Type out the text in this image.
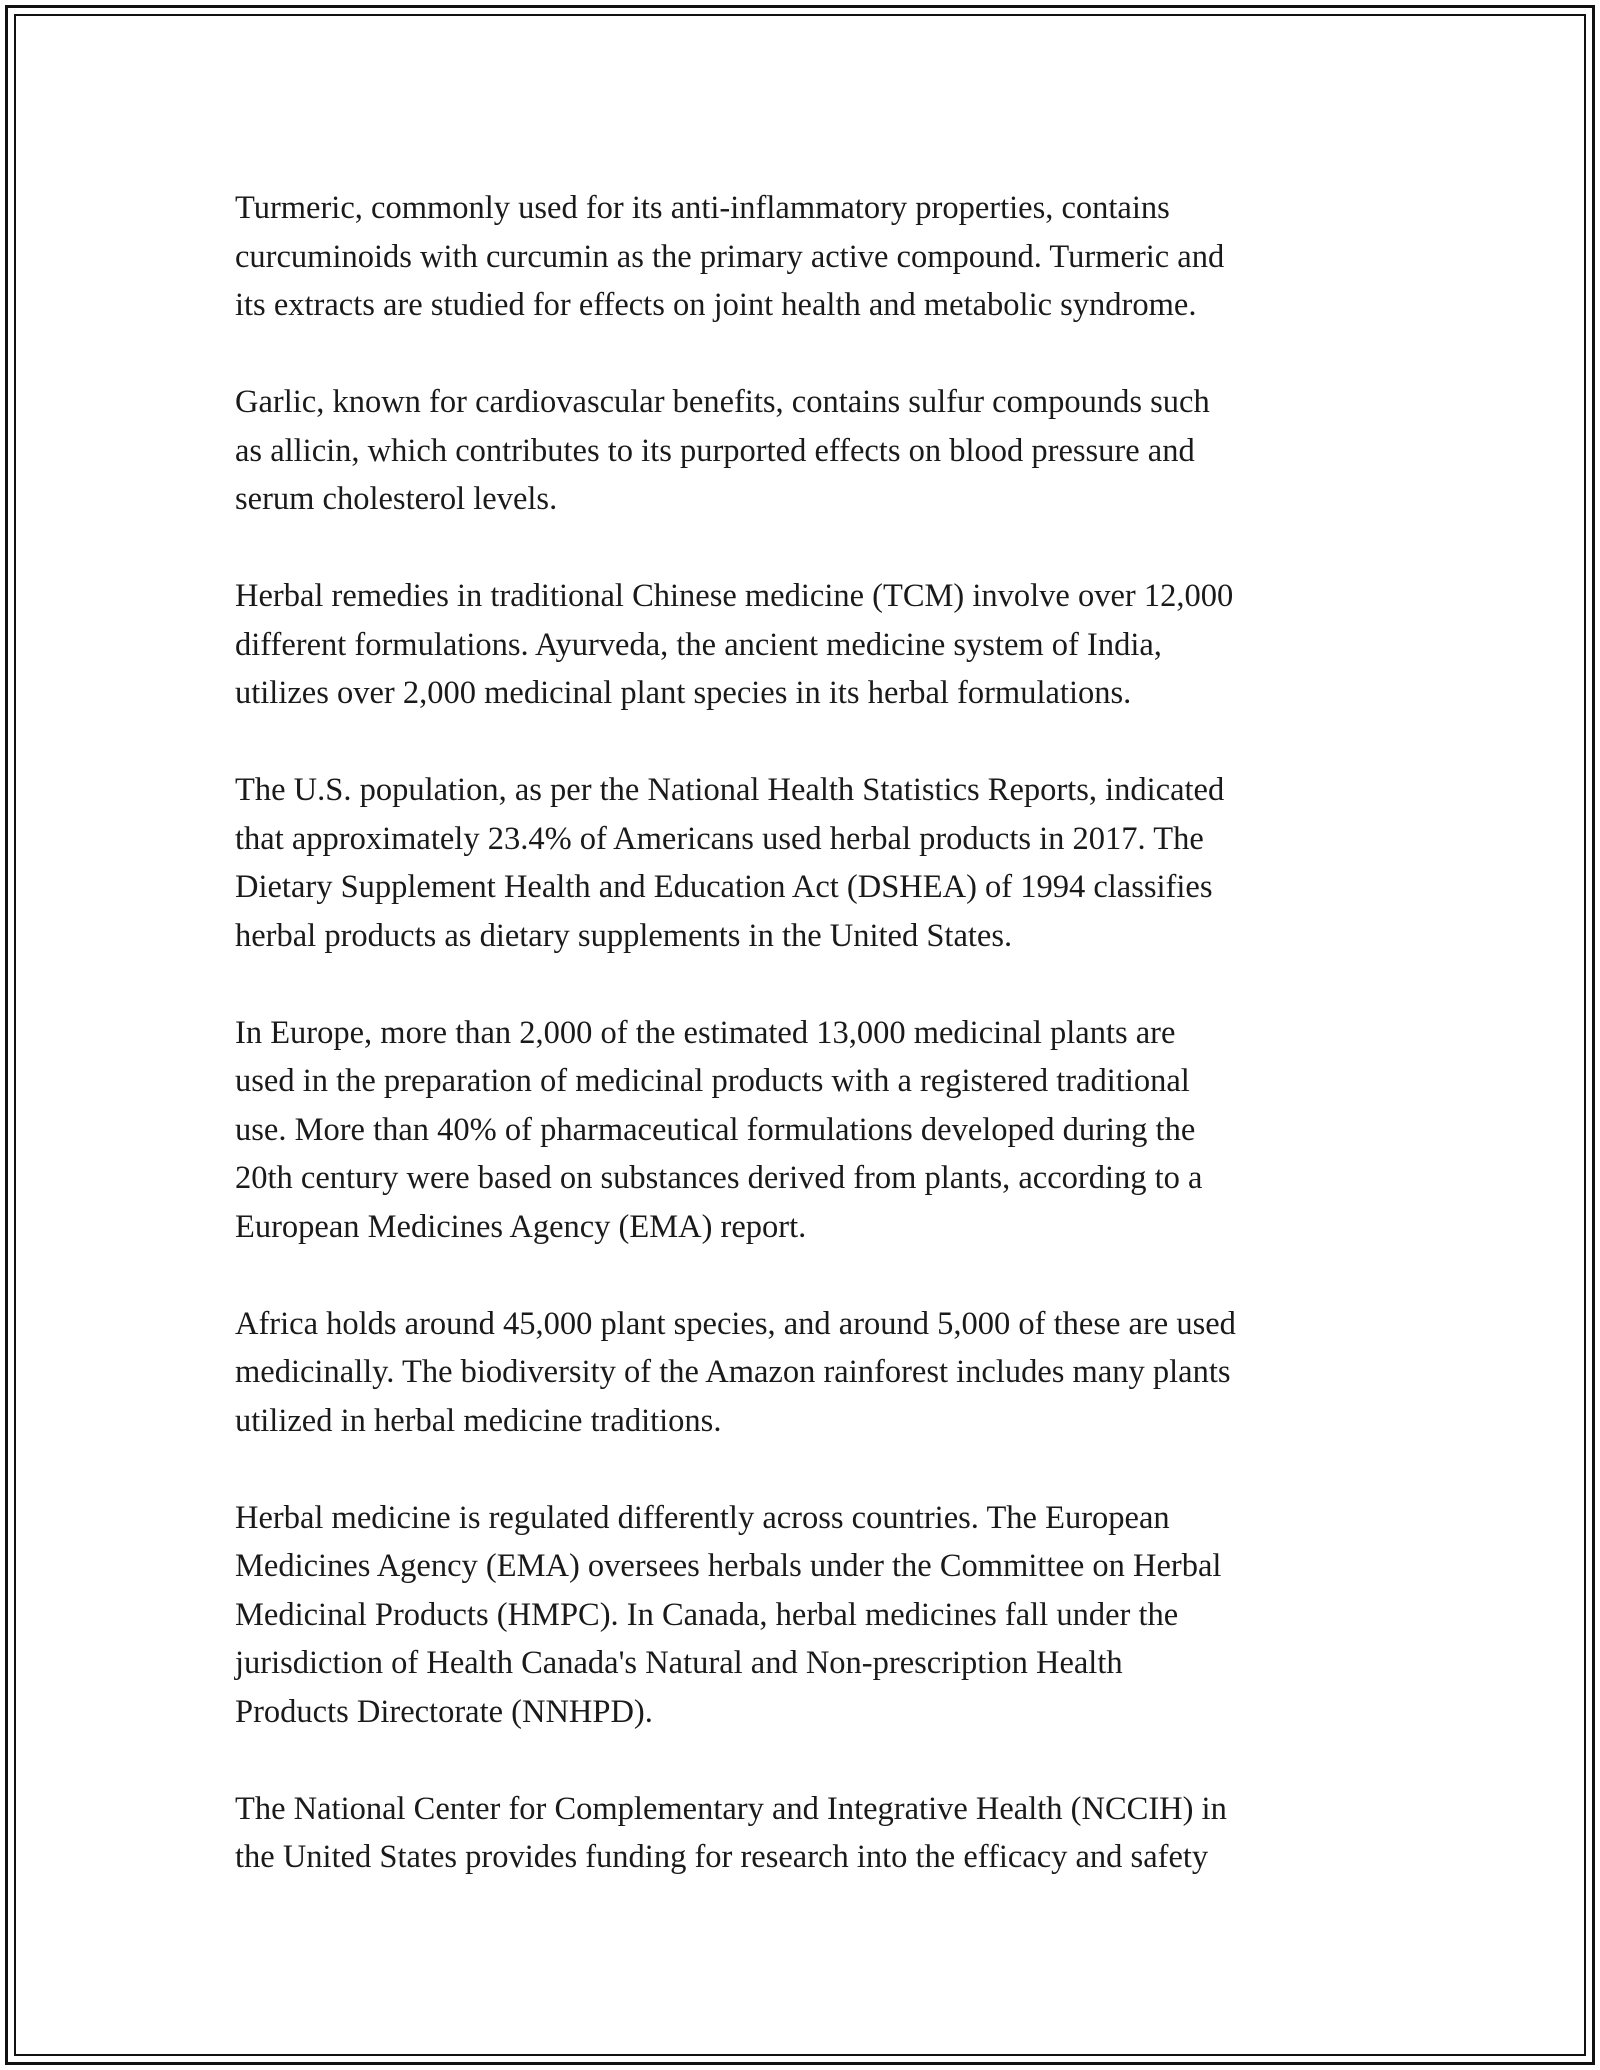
Turmeric, commonly used for its anti-inflammatory properties, contains
curcuminoids with curcumin as the primary active compound. Turmeric and
its extracts are studied for effects on joint health and metabolic syndrome.

Garlic, known for cardiovascular benefits, contains sulfur compounds such
as allicin, which contributes to its purported effects on blood pressure and
serum cholesterol levels.

Herbal remedies in traditional Chinese medicine (TCM) involve over 12,000
different formulations. Ayurveda, the ancient medicine system of India,
utilizes over 2,000 medicinal plant species in its herbal formulations.

The U.S. population, as per the National Health Statistics Reports, indicated
that approximately 23.4% of Americans used herbal products in 2017. The
Dietary Supplement Health and Education Act (DSHEA) of 1994 classifies
herbal products as dietary supplements in the United States.

In Europe, more than 2,000 of the estimated 13,000 medicinal plants are
used in the preparation of medicinal products with a registered traditional
use. More than 40% of pharmaceutical formulations developed during the
20th century were based on substances derived from plants, according to a
European Medicines Agency (EMA) report.

Africa holds around 45,000 plant species, and around 5,000 of these are used
medicinally. The biodiversity of the Amazon rainforest includes many plants
utilized in herbal medicine traditions.

Herbal medicine is regulated differently across countries. The European
Medicines Agency (EMA) oversees herbals under the Committee on Herbal
Medicinal Products (HMPC). In Canada, herbal medicines fall under the
jurisdiction of Health Canada's Natural and Non-prescription Health
Products Directorate (NNHPD).

The National Center for Complementary and Integrative Health (NCCIH) in
the United States provides funding for research into the efficacy and safety
